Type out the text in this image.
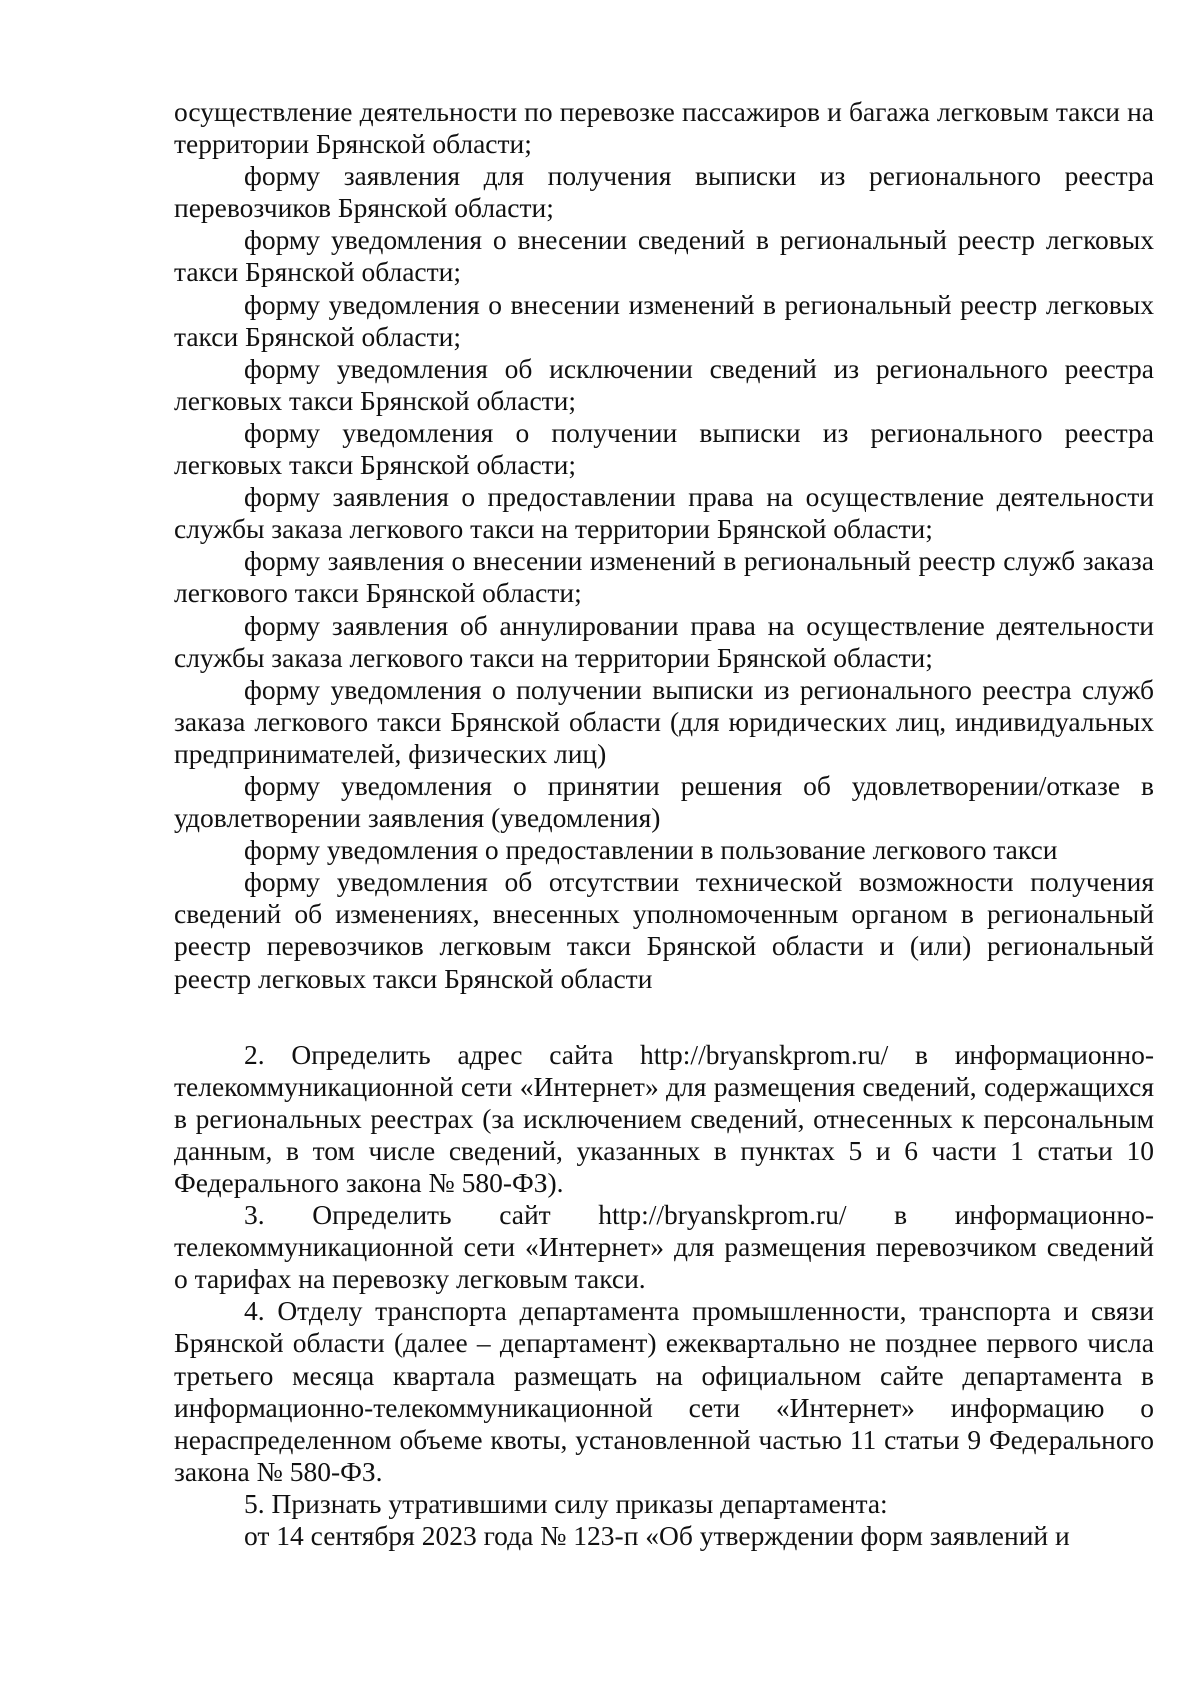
осуществление деятельности по перевозке пассажиров и багажа легковым такси на территории Брянской области;

форму заявления для получения выписки из регионального реестра перевозчиков Брянской области;

форму уведомления о внесении сведений в региональный реестр легковых такси Брянской области;

форму уведомления о внесении изменений в региональный реестр легковых такси Брянской области;

форму уведомления об исключении сведений из регионального реестра легковых такси Брянской области;

форму уведомления о получении выписки из регионального реестра легковых такси Брянской области;

форму заявления о предоставлении права на осуществление деятельности службы заказа легкового такси на территории Брянской области;

форму заявления о внесении изменений в региональный реестр служб заказа легкового такси Брянской области;

форму заявления об аннулировании права на осуществление деятельности службы заказа легкового такси на территории Брянской области;

форму уведомления о получении выписки из регионального реестра служб заказа легкового такси Брянской области (для юридических лиц, индивидуальных предпринимателей, физических лиц)

форму уведомления о принятии решения об удовлетворении/отказе в удовлетворении заявления (уведомления)

форму уведомления о предоставлении в пользование легкового такси

форму уведомления об отсутствии технической возможности получения сведений об изменениях, внесенных уполномоченным органом в региональный реестр перевозчиков легковым такси Брянской области и (или) региональный реестр легковых такси Брянской области

2. Определить адрес сайта http://bryanskprom.ru/ в информационно-телекоммуникационной сети «Интернет» для размещения сведений, содержащихся в региональных реестрах (за исключением сведений, отнесенных к персональным данным, в том числе сведений, указанных в пунктах 5 и 6 части 1 статьи 10 Федерального закона № 580-ФЗ).

3. Определить сайт http://bryanskprom.ru/ в информационно-телекоммуникационной сети «Интернет» для размещения перевозчиком сведений о тарифах на перевозку легковым такси.

4. Отделу транспорта департамента промышленности, транспорта и связи Брянской области (далее – департамент) ежеквартально не позднее первого числа третьего месяца квартала размещать на официальном сайте департамента в информационно-телекоммуникационной сети «Интернет» информацию о нераспределенном объеме квоты, установленной частью 11 статьи 9 Федерального закона № 580-ФЗ.

5. Признать утратившими силу приказы департамента:

от 14 сентября 2023 года № 123-п «Об утверждении форм заявлений и
